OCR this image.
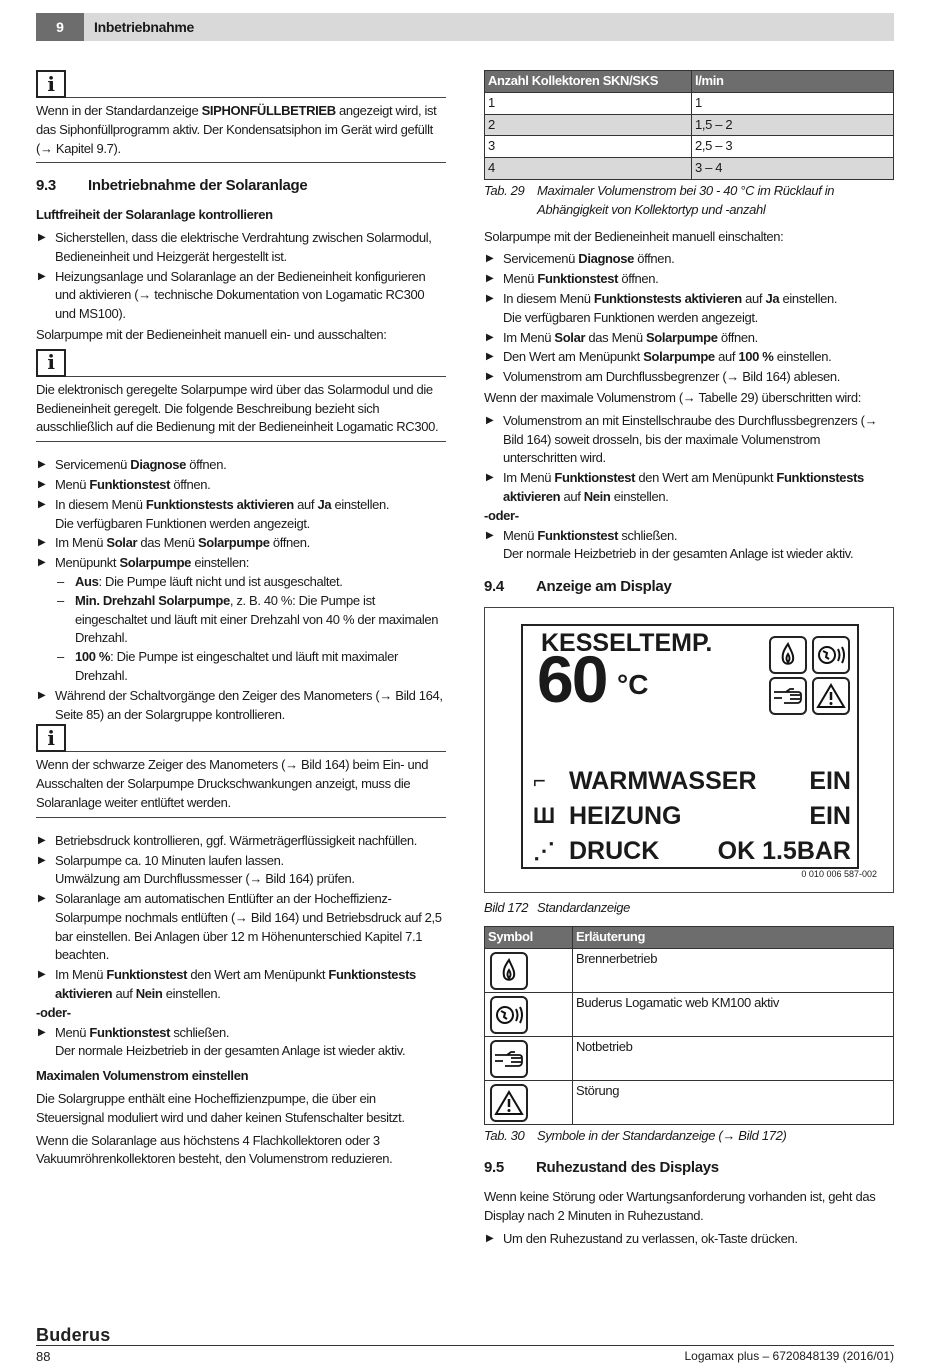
9	Inbetriebnahme
i
Wenn in der Standardanzeige SIPHONFÜLLBETRIEB angezeigt wird, ist das Siphonfüllprogramm aktiv. Der Kondensatsiphon im Gerät wird gefüllt (→ Kapitel 9.7).
9.3 Inbetriebnahme der Solaranlage
Luftfreiheit der Solaranlage kontrollieren
▶ Sicherstellen, dass die elektrische Verdrahtung zwischen Solarmodul, Bedieneinheit und Heizgerät hergestellt ist.
▶ Heizungsanlage und Solaranlage an der Bedieneinheit konfigurieren und aktivieren (→ technische Dokumentation von Logamatic RC300 und MS100).
Solarpumpe mit der Bedieneinheit manuell ein- und ausschalten:
i
Die elektronisch geregelte Solarpumpe wird über das Solarmodul und die Bedieneinheit geregelt. Die folgende Beschreibung bezieht sich ausschließlich auf die Bedienung mit der Bedieneinheit Logamatic RC300.
▶ Servicemenü Diagnose öffnen.
▶ Menü Funktionstest öffnen.
▶ In diesem Menü Funktionstests aktivieren auf Ja einstellen.
Die verfügbaren Funktionen werden angezeigt.
▶ Im Menü Solar das Menü Solarpumpe öffnen.
▶ Menüpunkt Solarpumpe einstellen:
– Aus: Die Pumpe läuft nicht und ist ausgeschaltet.
– Min. Drehzahl Solarpumpe, z. B. 40 %: Die Pumpe ist eingeschaltet und läuft mit einer Drehzahl von 40 % der maximalen Drehzahl.
– 100 %: Die Pumpe ist eingeschaltet und läuft mit maximaler Drehzahl.
▶ Während der Schaltvorgänge den Zeiger des Manometers (→ Bild 164, Seite 85) an der Solargruppe kontrollieren.
i
Wenn der schwarze Zeiger des Manometers (→ Bild 164) beim Ein- und Ausschalten der Solarpumpe Druckschwankungen anzeigt, muss die Solaranlage weiter entlüftet werden.
▶ Betriebsdruck kontrollieren, ggf. Wärmeträgerflüssigkeit nachfüllen.
▶ Solarpumpe ca. 10 Minuten laufen lassen.
Umwälzung am Durchflussmesser (→ Bild 164) prüfen.
▶ Solaranlage am automatischen Entlüfter an der Hocheffizienz-Solarpumpe nochmals entlüften (→ Bild 164) und Betriebsdruck auf 2,5 bar einstellen. Bei Anlagen über 12 m Höhenunterschied Kapitel 7.1 beachten.
▶ Im Menü Funktionstest den Wert am Menüpunkt Funktionstests aktivieren auf Nein einstellen.
-oder-
▶ Menü Funktionstest schließen.
Der normale Heizbetrieb in der gesamten Anlage ist wieder aktiv.
Maximalen Volumenstrom einstellen
Die Solargruppe enthält eine Hocheffizienzpumpe, die über ein Steuersignal moduliert wird und daher keinen Stufenschalter besitzt.
Wenn die Solaranlage aus höchstens 4 Flachkollektoren oder 3 Vakuumröhrenkollektoren besteht, den Volumenstrom reduzieren.
Anzahl Kollektoren SKN/SKS	l/min
1	1
2	1,5 – 2
3	2,5 – 3
4	3 – 4
Tab. 29 Maximaler Volumenstrom bei 30 - 40 °C im Rücklauf in Abhängigkeit von Kollektortyp und -anzahl
Solarpumpe mit der Bedieneinheit manuell einschalten:
▶ Servicemenü Diagnose öffnen.
▶ Menü Funktionstest öffnen.
▶ In diesem Menü Funktionstests aktivieren auf Ja einstellen.
Die verfügbaren Funktionen werden angezeigt.
▶ Im Menü Solar das Menü Solarpumpe öffnen.
▶ Den Wert am Menüpunkt Solarpumpe auf 100 % einstellen.
▶ Volumenstrom am Durchflussbegrenzer (→ Bild 164) ablesen.
Wenn der maximale Volumenstrom (→ Tabelle 29) überschritten wird:
▶ Volumenstrom an mit Einstellschraube des Durchflussbegrenzers (→ Bild 164) soweit drosseln, bis der maximale Volumenstrom unterschritten wird.
▶ Im Menü Funktionstest den Wert am Menüpunkt Funktionstests aktivieren auf Nein einstellen.
-oder-
▶ Menü Funktionstest schließen.
Der normale Heizbetrieb in der gesamten Anlage ist wieder aktiv.
9.4 Anzeige am Display
KESSELTEMP.
60 °C
⌐ WARMWASSER EIN
Ш HEIZUNG	EIN
⋰ DRUCK OK 1.5BAR
0 010 006 587-002
Bild 172 Standardanzeige
Symbol	Erläuterung

	Brennerbetrieb

	Buderus Logamatic web KM100 aktiv

	Notbetrieb

	Störung
Tab. 30 Symbole in der Standardanzeige (→ Bild 172)
9.5 Ruhezustand des Displays
Wenn keine Störung oder Wartungsanforderung vorhanden ist, geht das Display nach 2 Minuten in Ruhezustand.
▶ Um den Ruhezustand zu verlassen, ok-Taste drücken.
Buderus
88	Logamax plus – 6720848139 (2016/01)
